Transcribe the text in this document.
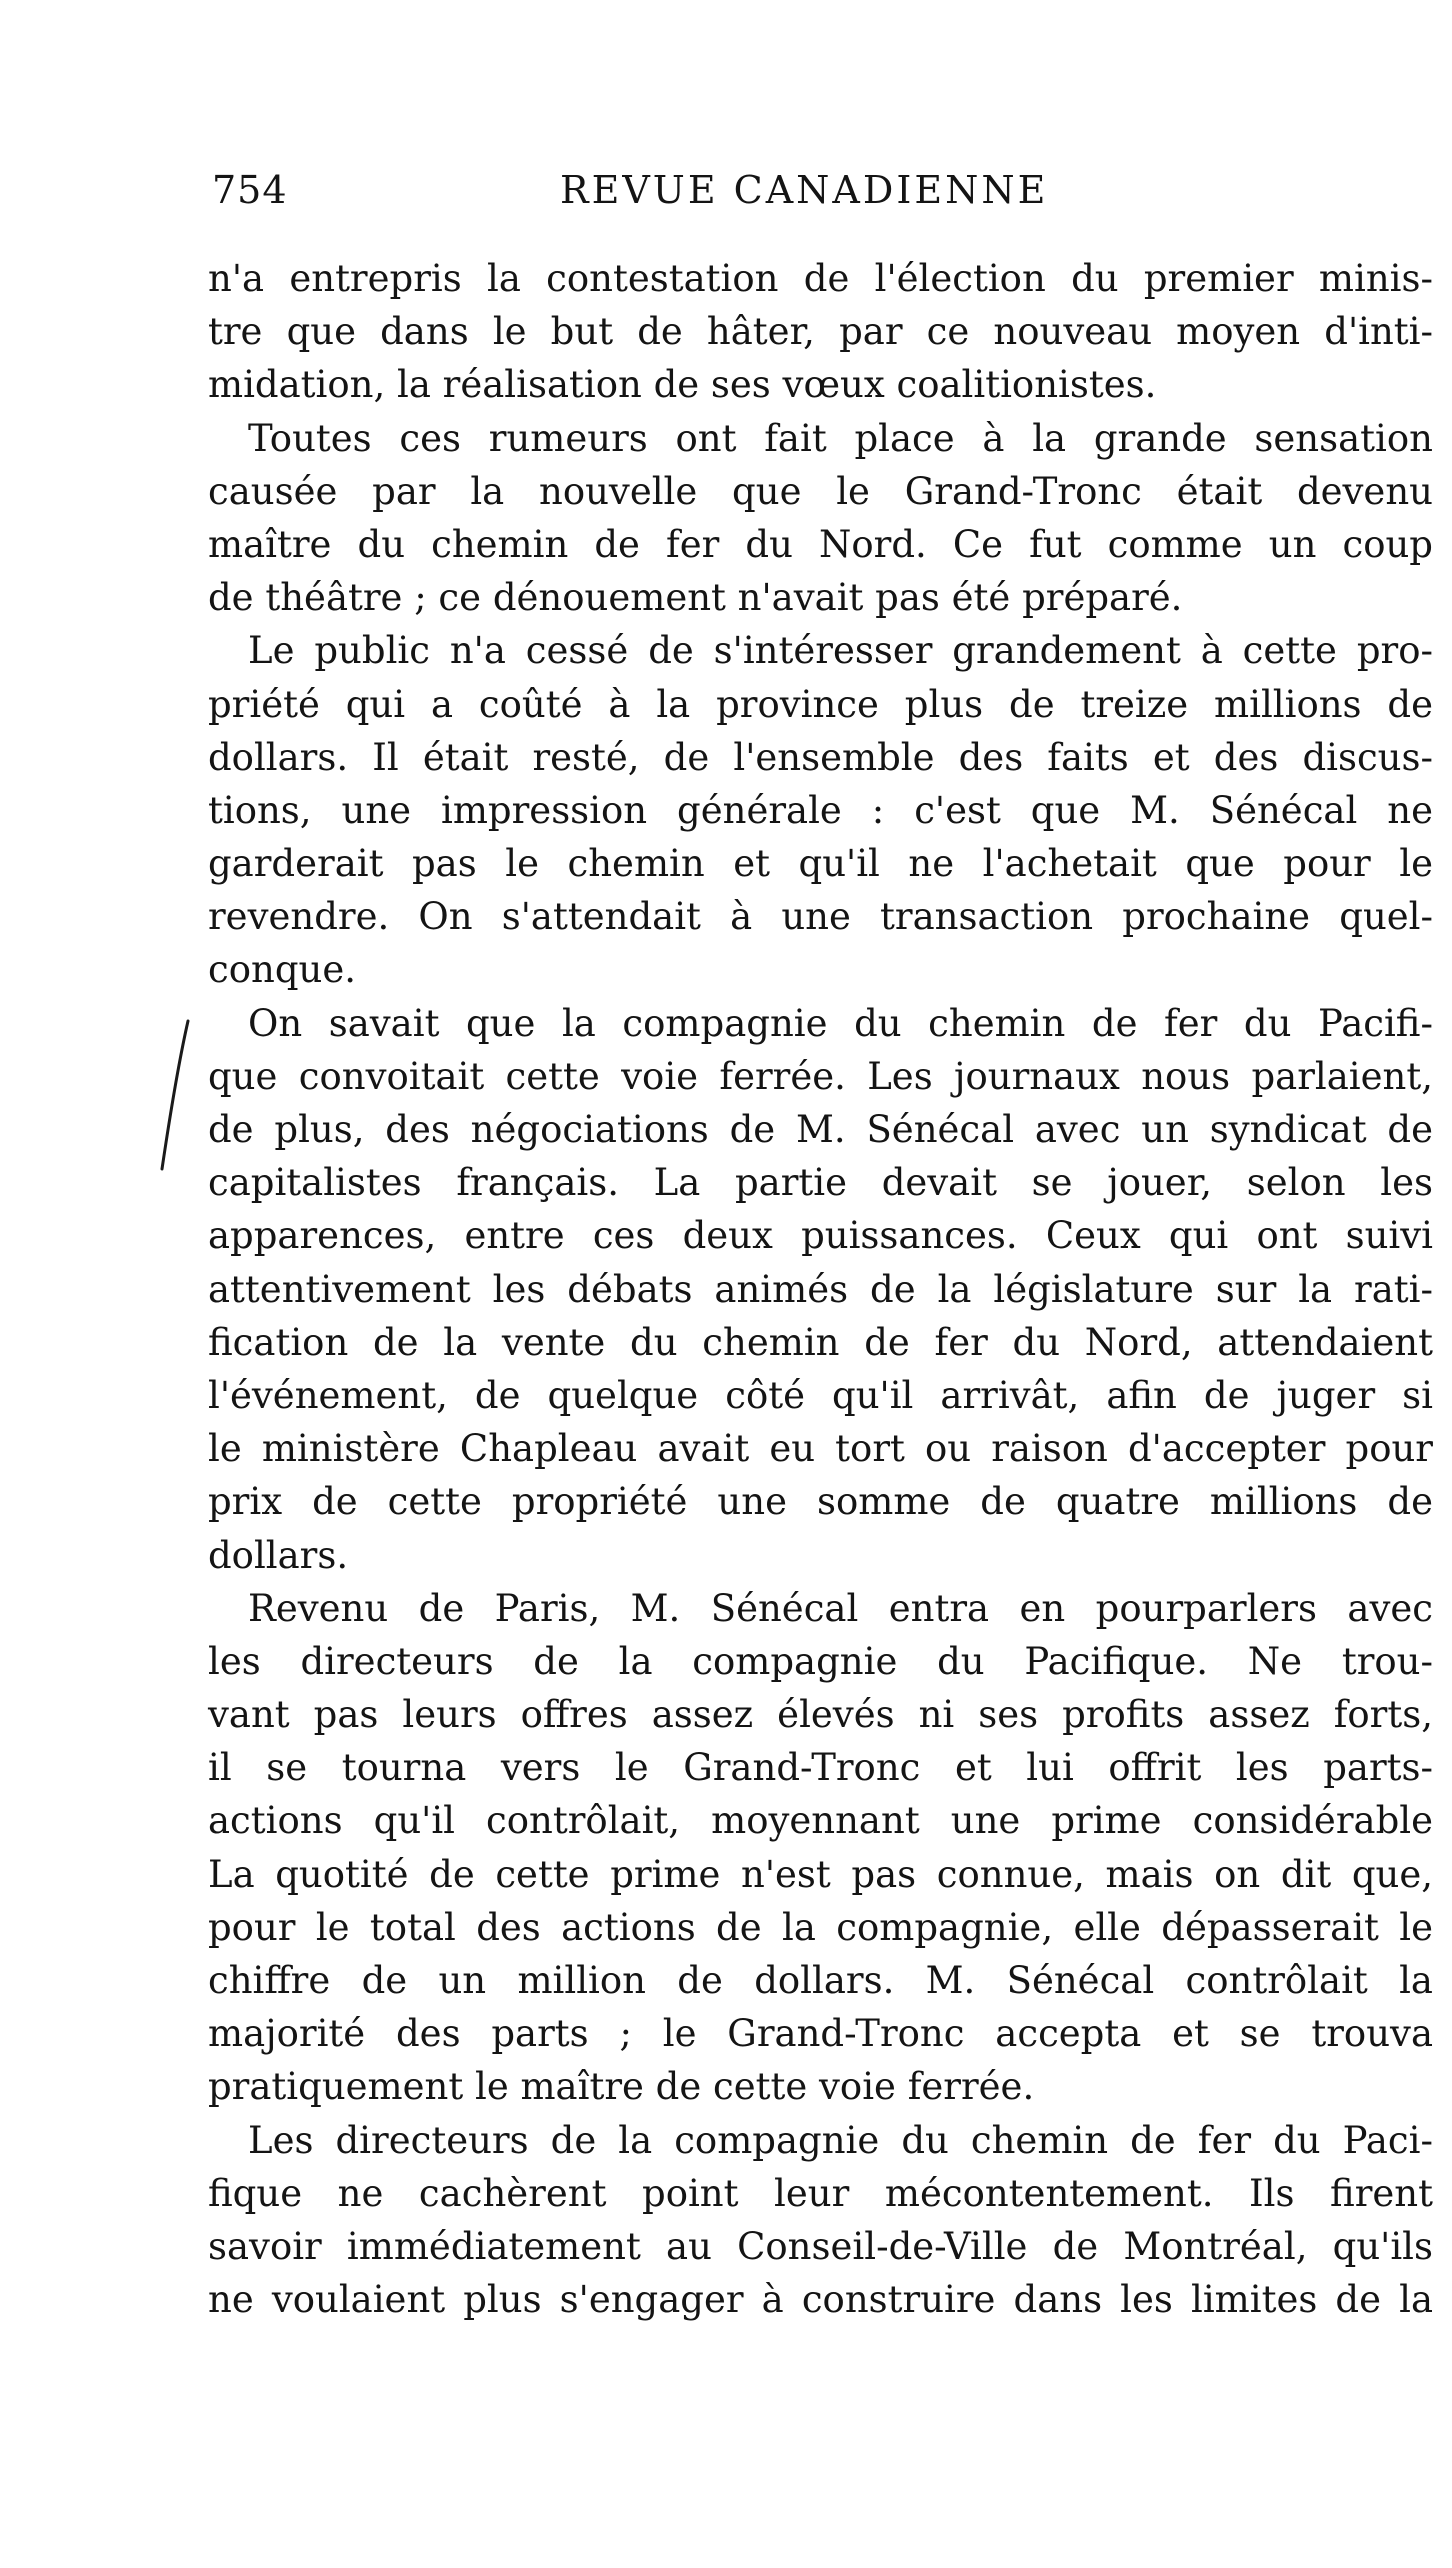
754	REVUE CANADIENNE
n'a entrepris la contestation de l'élection du premier minis-
tre que dans le but de hâter, par ce nouveau moyen d'inti-
midation, la réalisation de ses vœux coalitionistes.
Toutes ces rumeurs ont fait place à la grande sensation
causée par la nouvelle que le Grand-Tronc était devenu
maître du chemin de fer du Nord. Ce fut comme un coup
de théâtre ; ce dénouement n'avait pas été préparé.
Le public n'a cessé de s'intéresser grandement à cette pro-
priété qui a coûté à la province plus de treize millions de
dollars. Il était resté, de l'ensemble des faits et des discus-
tions, une impression générale : c'est que M. Sénécal ne
garderait pas le chemin et qu'il ne l'achetait que pour le
revendre. On s'attendait à une transaction prochaine quel-
conque.
On savait que la compagnie du chemin de fer du Pacifi-
que convoitait cette voie ferrée. Les journaux nous parlaient,
de plus, des négociations de M. Sénécal avec un syndicat de
capitalistes français. La partie devait se jouer, selon les
apparences, entre ces deux puissances. Ceux qui ont suivi
attentivement les débats animés de la législature sur la rati-
fication de la vente du chemin de fer du Nord, attendaient
l'événement, de quelque côté qu'il arrivât, afin de juger si
le ministère Chapleau avait eu tort ou raison d'accepter pour
prix de cette propriété une somme de quatre millions de
dollars.
Revenu de Paris, M. Sénécal entra en pourparlers avec
les directeurs de la compagnie du Pacifique. Ne trou-
vant pas leurs offres assez élevés ni ses profits assez forts,
il se tourna vers le Grand-Tronc et lui offrit les parts-
actions qu'il contrôlait, moyennant une prime considérable
La quotité de cette prime n'est pas connue, mais on dit que,
pour le total des actions de la compagnie, elle dépasserait le
chiffre de un million de dollars. M. Sénécal contrôlait la
majorité des parts ; le Grand-Tronc accepta et se trouva
pratiquement le maître de cette voie ferrée.
Les directeurs de la compagnie du chemin de fer du Paci-
fique ne cachèrent point leur mécontentement. Ils firent
savoir immédiatement au Conseil-de-Ville de Montréal, qu'ils
ne voulaient plus s'engager à construire dans les limites de la
